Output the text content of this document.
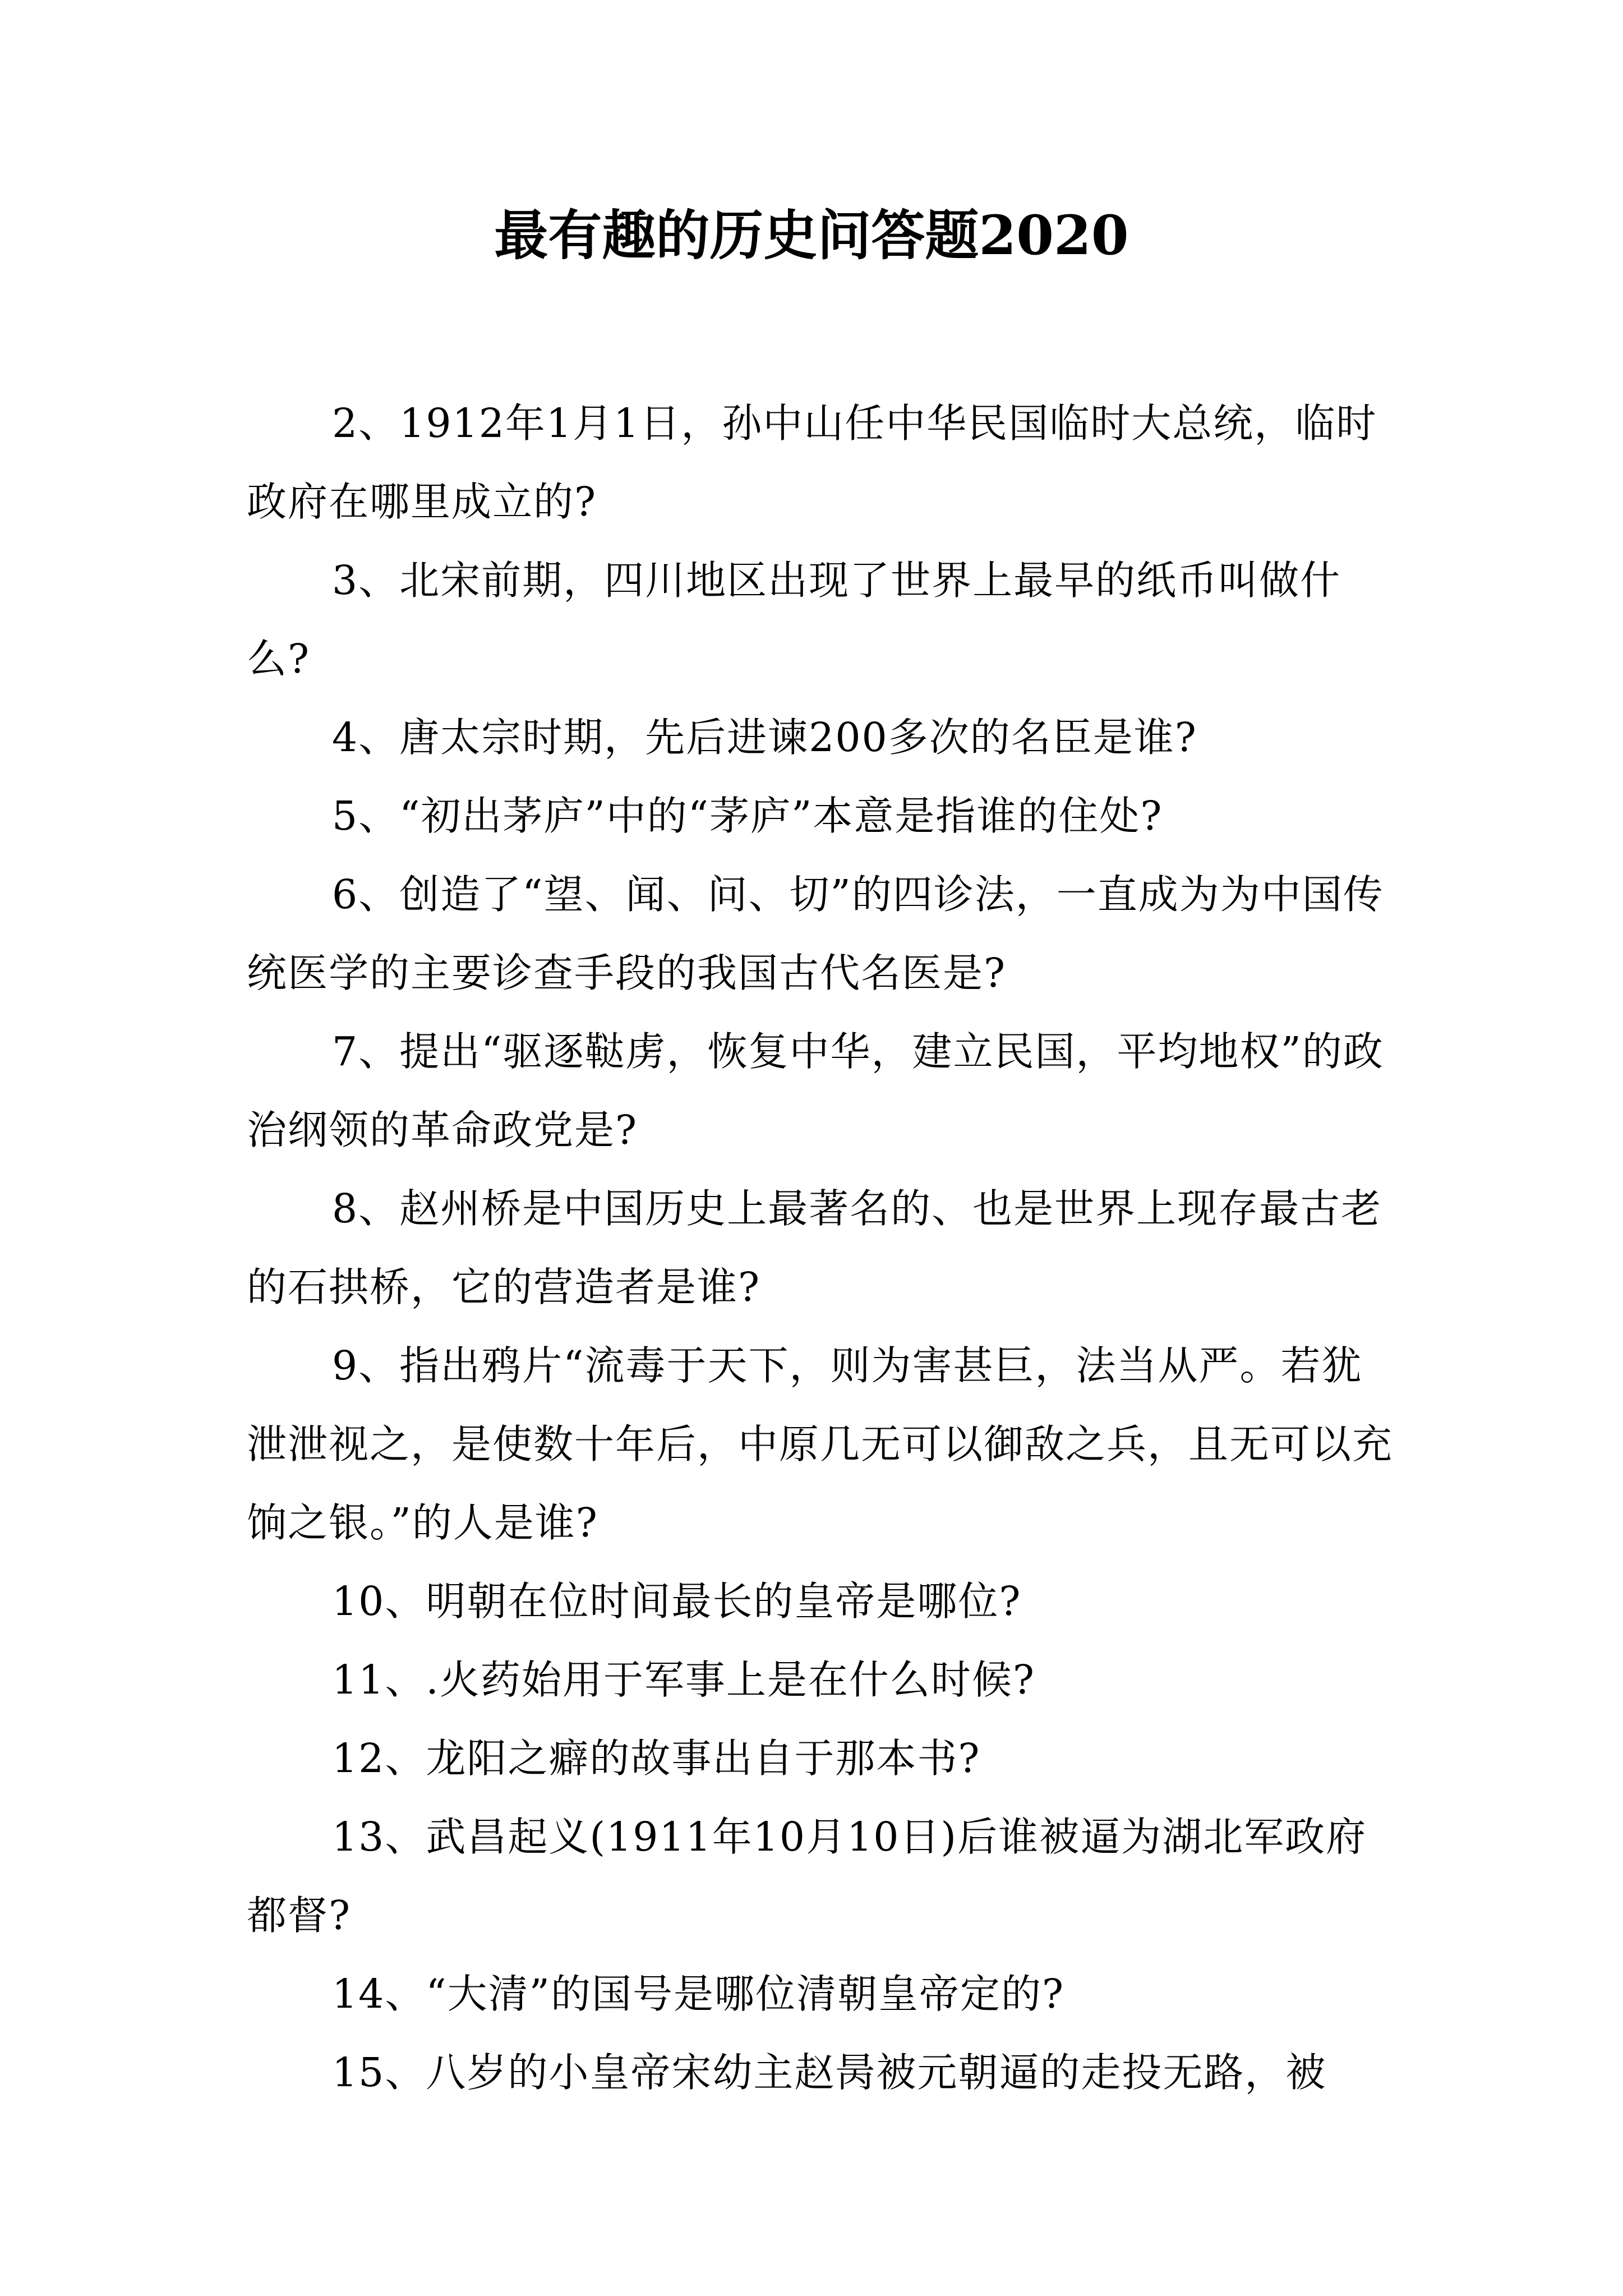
最有趣的历史问答题2020

2、1912年1月1日，孙中山任中华民国临时大总统，临时政府在哪里成立的?

3、北宋前期，四川地区出现了世界上最早的纸币叫做什么?

4、唐太宗时期，先后进谏200多次的名臣是谁?

5、“初出茅庐”中的“茅庐”本意是指谁的住处?

6、创造了“望、闻、问、切”的四诊法，一直成为为中国传统医学的主要诊查手段的我国古代名医是?

7、提出“驱逐鞑虏，恢复中华，建立民国，平均地权”的政治纲领的革命政党是?

8、赵州桥是中国历史上最著名的、也是世界上现存最古老的石拱桥，它的营造者是谁?

9、指出鸦片“流毒于天下，则为害甚巨，法当从严。若犹泄泄视之，是使数十年后，中原几无可以御敌之兵，且无可以充饷之银。”的人是谁?

10、明朝在位时间最长的皇帝是哪位?

11、.火药始用于军事上是在什么时候?

12、龙阳之癖的故事出自于那本书?

13、武昌起义(1911年10月10日)后谁被逼为湖北军政府都督?

14、“大清”的国号是哪位清朝皇帝定的?

15、八岁的小皇帝宋幼主赵昺被元朝逼的走投无路，被
